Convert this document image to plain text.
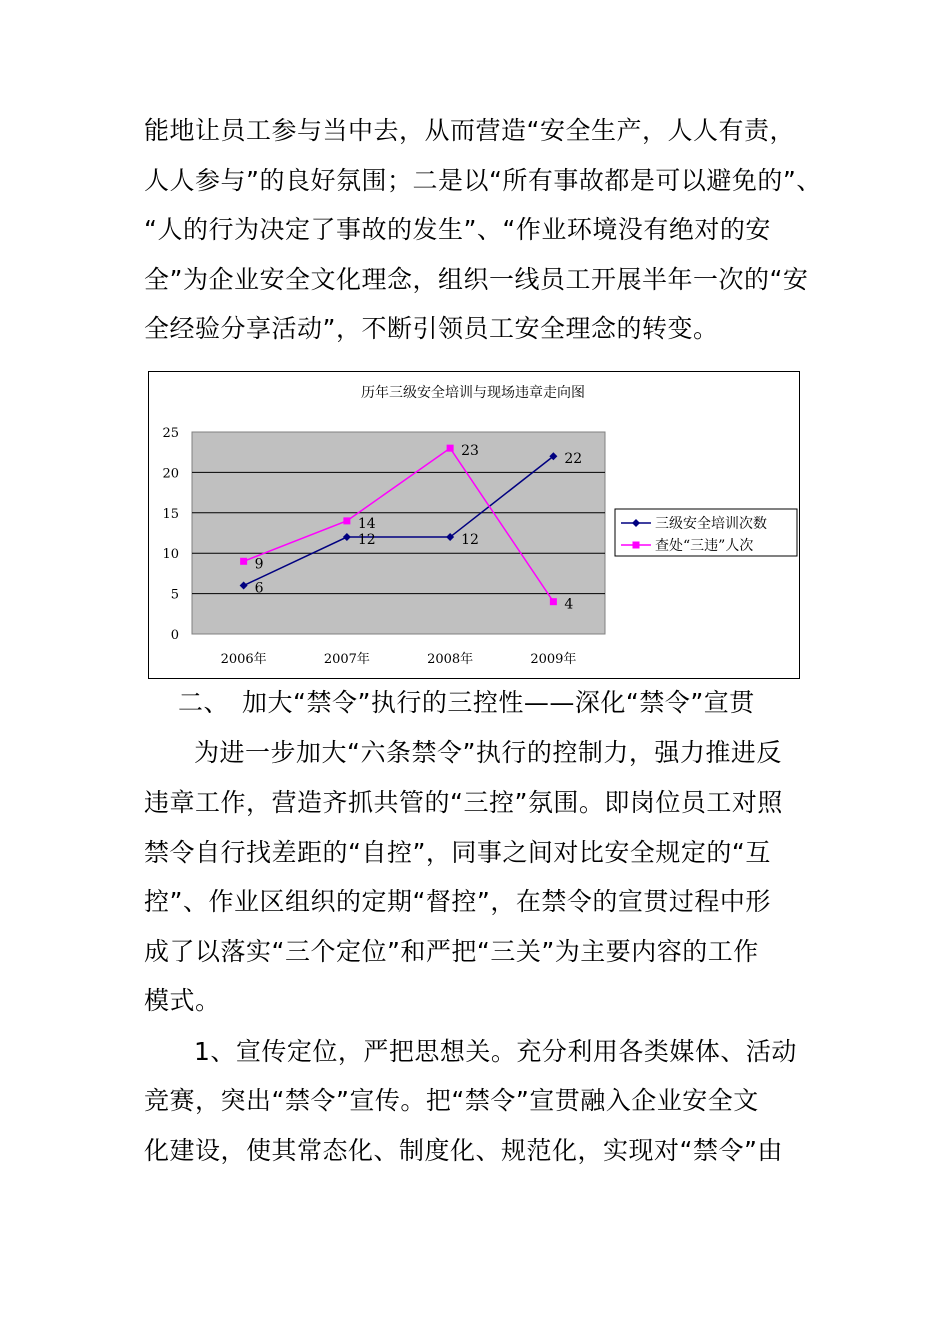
能地让员工参与当中去，从而营造“安全生产，人人有责，
人人参与”的良好氛围；二是以“所有事故都是可以避免的”、
“人的行为决定了事故的发生”、“作业环境没有绝对的安
全”为企业安全文化理念，组织一线员工开展半年一次的“安
全经验分享活动”，不断引领员工安全理念的转变。
历年三级安全培训与现场违章走向图
0
5
10
15
20
25
2006年	2007年	2008年	2009年
6
12	12
22
9
14
23
4
三级安全培训次数
查处“三违”人次
二、　加大“禁令”执行的三控性——深化“禁令”宣贯
为进一步加大“六条禁令”执行的控制力，强力推进反
违章工作，营造齐抓共管的“三控”氛围。即岗位员工对照
禁令自行找差距的“自控”，同事之间对比安全规定的“互
控”、作业区组织的定期“督控”，在禁令的宣贯过程中形
成了以落实“三个定位”和严把“三关”为主要内容的工作
模式。
1、宣传定位，严把思想关。充分利用各类媒体、活动
竞赛，突出“禁令”宣传。把“禁令”宣贯融入企业安全文
化建设，使其常态化、制度化、规范化，实现对“禁令”由
